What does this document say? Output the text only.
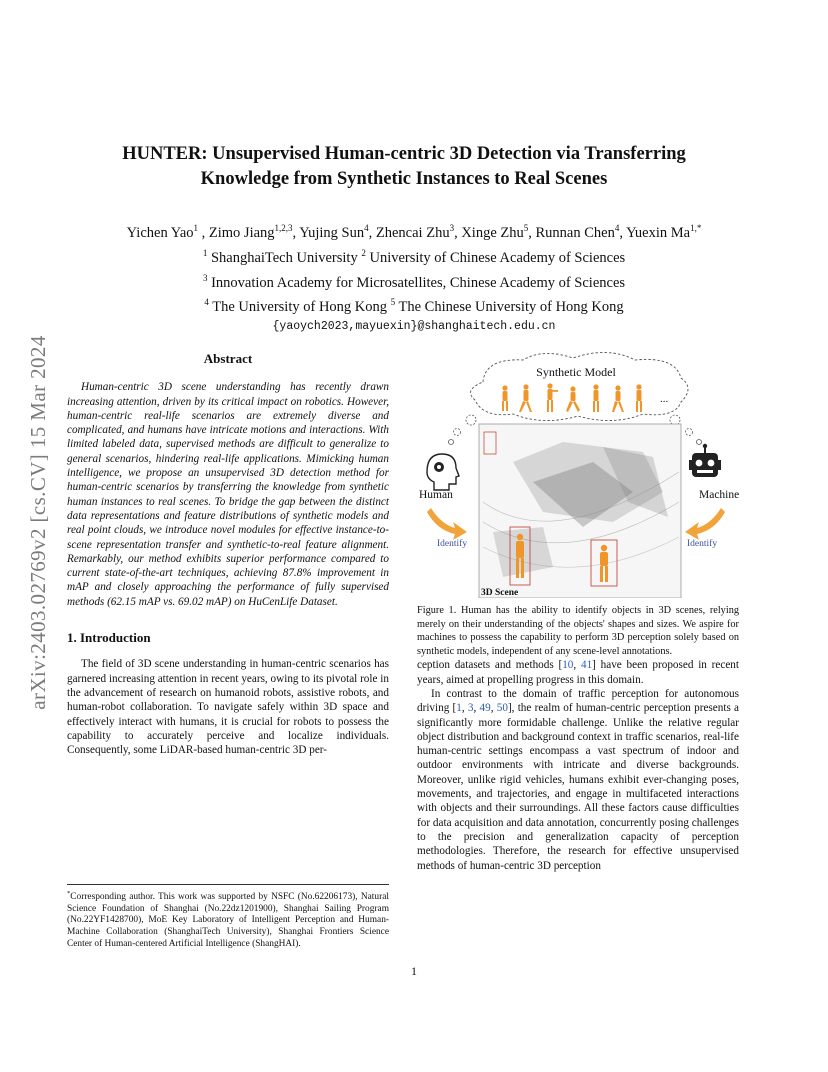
arXiv:2403.02769v2 [cs.CV] 15 Mar 2024
HUNTER: Unsupervised Human-centric 3D Detection via Transferring Knowledge from Synthetic Instances to Real Scenes
Yichen Yao$^1$ , Zimo Jiang$^{1,2,3}$, Yujing Sun$^4$, Zhencai Zhu$^3$, Xinge Zhu$^5$, Runnan Chen$^4$, Yuexin $Ma^{1,*}$
$^1$ ShanghaiTech University $^2$ University of Chinese Academy of Sciences
$^3$ Innovation Academy for Microsatellites, Chinese Academy of Sciences
$^4$ The University of Hong Kong $^5$ The Chinese University of Hong Kong
{yaoych2023,mayuexin}@shanghaitech.edu.cn
Abstract

Human-centric 3D scene understanding has recently drawn increasing attention, driven by its critical impact on robotics. However, human-centric real-life scenarios are extremely diverse and complicated, and humans have intricate motions and interactions. With limited labeled data, supervised methods are difficult to generalize to general scenarios, hindering real-life applications. Mimicking human intelligence, we propose an unsupervised 3D detection method for human-centric scenarios by transferring the knowledge from synthetic human instances to real scenes. To bridge the gap between the distinct data representations and feature distributions of synthetic models and real point clouds, we introduce novel modules for effective instance-to-scene representation transfer and synthetic-to-real feature alignment. Remarkably, our method exhibits superior performance compared to current state-of-the-art techniques, achieving 87.8% improvement in mAP and closely approaching the performance of fully supervised methods (62.15 mAP vs. 69.02 mAP) on HuCenLife Dataset.

1. Introduction

The field of 3D scene understanding in human-centric scenarios has garnered increasing attention in recent years, owing to its pivotal role in the advancement of research on humanoid robots, assistive robots, and human-robot collaboration. To navigate safely within 3D space and effectively interact with humans, it is crucial for robots to possess the capability to accurately perceive and localize individuals. Consequently, some LiDAR-based human-centric 3D per-

*Corresponding author. This work was supported by NSFC (No.62206173), Natural Science Foundation of Shanghai (No.22dz1201900), Shanghai Sailing Program (No.22YF1428700), MoE Key Laboratory of Intelligent Perception and Human-Machine Collaboration (ShanghaiTech University), Shanghai Frontiers Science Center of Human-centered Artificial Intelligence (ShangHAI).
Synthetic Model
...
3D Scene
Human	Machine
Identify	Identify

Figure 1. Human has the ability to identify objects in 3D scenes, relying merely on their understanding of the objects' shapes and sizes. We aspire for machines to possess the capability to perform 3D perception solely based on synthetic models, independent of any scene-level annotations.

ception datasets and methods [10, 41] have been proposed in recent years, aimed at propelling progress in this domain.

In contrast to the domain of traffic perception for autonomous driving [1, 3, 49, 50], the realm of human-centric perception presents a significantly more formidable challenge. Unlike the relative regular object distribution and background context in traffic scenarios, real-life human-centric settings encompass a vast spectrum of indoor and outdoor environments with intricate and diverse backgrounds. Moreover, unlike rigid vehicles, humans exhibit ever-changing poses, movements, and trajectories, and engage in multifaceted interactions with objects and their surroundings. All these factors cause difficulties for data acquisition and data annotation, concurrently posing challenges to the precision and generalization capacity of perception methodologies. Therefore, the research for effective unsupervised methods of human-centric 3D perception

1
